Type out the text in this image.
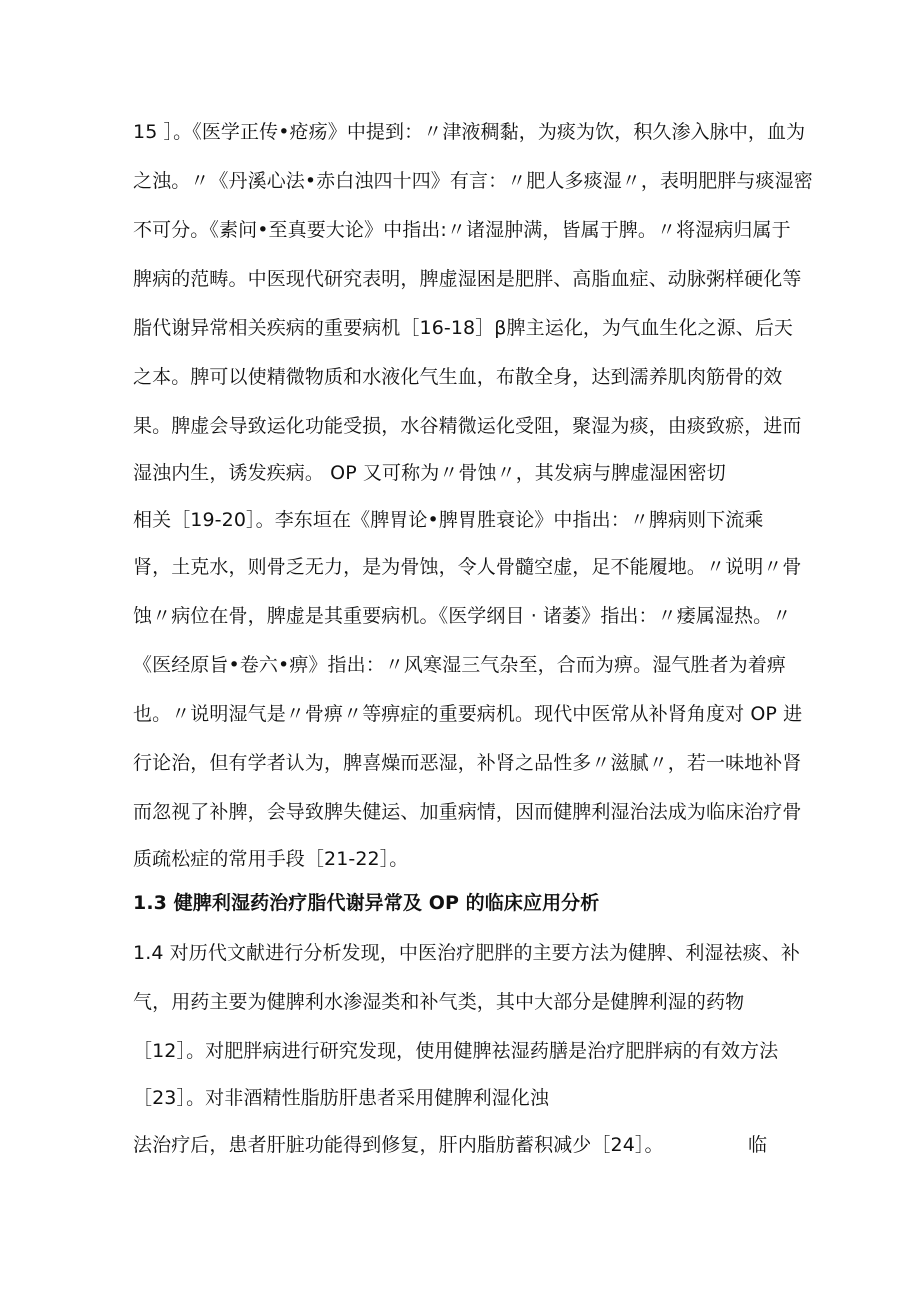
15 ］。《医学正传•疮疡》中提到：〃津液稠黏，为痰为饮，积久渗入脉中，血为
之浊。〃《丹溪心法•赤白浊四十四》有言：〃肥人多痰湿〃，表明肥胖与痰湿密
不可分。《素问•至真要大论》中指出:〃诸湿肿满，皆属于脾。〃将湿病归属于
脾病的范畴。中医现代研究表明，脾虚湿困是肥胖、高脂血症、动脉粥样硬化等
脂代谢异常相关疾病的重要病机［16-18］β脾主运化，为气血生化之源、后天
之本。脾可以使精微物质和水液化气生血，布散全身，达到濡养肌肉筋骨的效
果。脾虚会导致运化功能受损，水谷精微运化受阻，聚湿为痰，由痰致瘀，进而
湿浊内生，诱发疾病。 OP 又可称为〃骨蚀〃，其发病与脾虚湿困密切
相关［19-20］。李东垣在《脾胃论•脾胃胜衰论》中指出：〃脾病则下流乘
肾，土克水，则骨乏无力，是为骨蚀，令人骨髓空虚，足不能履地。〃说明〃骨
蚀〃病位在骨，脾虚是其重要病机。《医学纲目 · 诸萎》指出：〃痿属湿热。〃
《医经原旨•卷六•痹》指出：〃风寒湿三气杂至，合而为痹。湿气胜者为着痹
也。〃说明湿气是〃骨痹〃等痹症的重要病机。现代中医常从补肾角度对 OP 进
行论治，但有学者认为，脾喜燥而恶湿，补肾之品性多〃滋腻〃，若一味地补肾
而忽视了补脾，会导致脾失健运、加重病情，因而健脾利湿治法成为临床治疗骨
质疏松症的常用手段［21-22］。
1.3 健脾利湿药治疗脂代谢异常及 OP 的临床应用分析
1.4 对历代文献进行分析发现，中医治疗肥胖的主要方法为健脾、利湿祛痰、补
气，用药主要为健脾利水渗湿类和补气类，其中大部分是健脾利湿的药物
［12］。对肥胖病进行研究发现，使用健脾祛湿药膳是治疗肥胖病的有效方法
［23］。对非酒精性脂肪肝患者采用健脾利湿化浊
法治疗后，患者肝脏功能得到修复，肝内脂肪蓄积减少［24］。	临
